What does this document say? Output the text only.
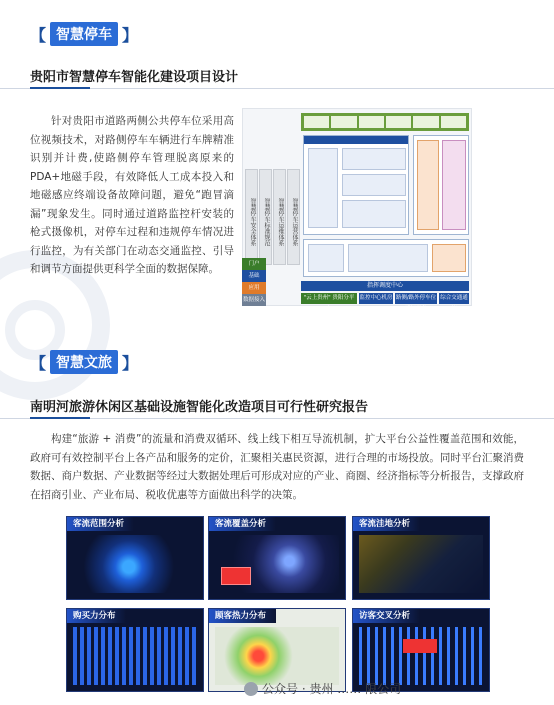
【 智慧停车 】
贵阳市智慧停车智能化建设项目设计
针对贵阳市道路两侧公共停车位采用高位视频技术，对路侧停车车辆进行车牌精准识别并计费,使路侧停车管理脱离原来的PDA+地磁手段，有效降低人工成本投入和地磁感应终端设备故障问题，避免“跑冒滴漏”现象发生。同时通过道路监控杆安装的枪式摄像机，对停车过程和违规停车情况进行监控，为有关部门在动态交通监控、引导和调节方面提供更科学全面的数据保障。
智慧停车安全体系	智慧停车标准规范	智慧停车运维体系	智慧停车运营体系
指挥调度中心
"云上贵州" 贵阳分平台
监控中心机房 路侧/路外停车位感知设备
综合交通通信
门户
基础
应用
数据接入
【 智慧文旅 】
南明河旅游休闲区基础设施智能化改造项目可行性研究报告
构建“旅游 + 消费”的流量和消费双循环、线上线下相互导流机制，扩大平台公益性覆盖范围和效能，政府可有效控制平台上各产品和服务的定价，汇聚相关惠民资源，进行合理的市场投放。同时平台汇聚消费数据、商户数据、产业数据等经过大数据处理后可形成对应的产业、商圈、经济指标等分析报告，支撑政府在招商引业、产业布局、税收优惠等方面做出科学的决策。
客流范围分析	客流覆盖分析	客流洼地分析
购买力分布	顾客热力分布	访客交叉分析
公众号 · 贵州 …… 限公司
